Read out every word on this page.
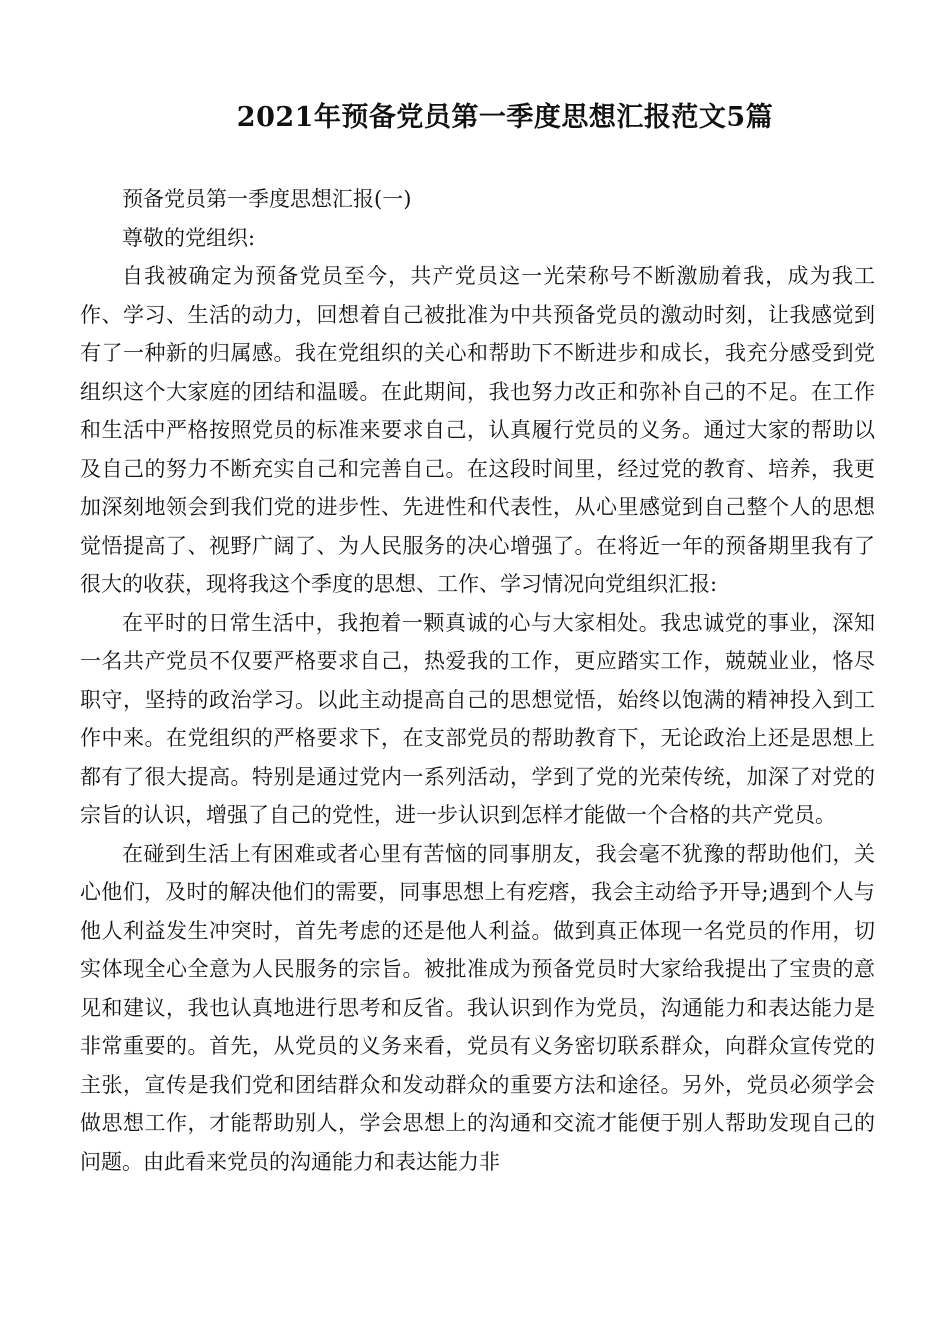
2021年预备党员第一季度思想汇报范文5篇

预备党员第一季度思想汇报(一)

尊敬的党组织:

自我被确定为预备党员至今，共产党员这一光荣称号不断激励着我，成为我工作、学习、生活的动力，回想着自己被批准为中共预备党员的激动时刻，让我感觉到有了一种新的归属感。我在党组织的关心和帮助下不断进步和成长，我充分感受到党组织这个大家庭的团结和温暖。在此期间，我也努力改正和弥补自己的不足。在工作和生活中严格按照党员的标准来要求自己，认真履行党员的义务。通过大家的帮助以及自己的努力不断充实自己和完善自己。在这段时间里，经过党的教育、培养，我更加深刻地领会到我们党的进步性、先进性和代表性，从心里感觉到自己整个人的思想觉悟提高了、视野广阔了、为人民服务的决心增强了。在将近一年的预备期里我有了很大的收获，现将我这个季度的思想、工作、学习情况向党组织汇报:

在平时的日常生活中，我抱着一颗真诚的心与大家相处。我忠诚党的事业，深知一名共产党员不仅要严格要求自己，热爱我的工作，更应踏实工作，兢兢业业，恪尽职守，坚持的政治学习。以此主动提高自己的思想觉悟，始终以饱满的精神投入到工作中来。在党组织的严格要求下，在支部党员的帮助教育下，无论政治上还是思想上都有了很大提高。特别是通过党内一系列活动，学到了党的光荣传统，加深了对党的宗旨的认识，增强了自己的党性，进一步认识到怎样才能做一个合格的共产党员。

在碰到生活上有困难或者心里有苦恼的同事朋友，我会毫不犹豫的帮助他们，关心他们，及时的解决他们的需要，同事思想上有疙瘩，我会主动给予开导;遇到个人与他人利益发生冲突时，首先考虑的还是他人利益。做到真正体现一名党员的作用，切实体现全心全意为人民服务的宗旨。被批准成为预备党员时大家给我提出了宝贵的意见和建议，我也认真地进行思考和反省。我认识到作为党员，沟通能力和表达能力是非常重要的。首先，从党员的义务来看，党员有义务密切联系群众，向群众宣传党的主张，宣传是我们党和团结群众和发动群众的重要方法和途径。另外，党员必须学会做思想工作，才能帮助别人，学会思想上的沟通和交流才能便于别人帮助发现自己的问题。由此看来党员的沟通能力和表达能力非
